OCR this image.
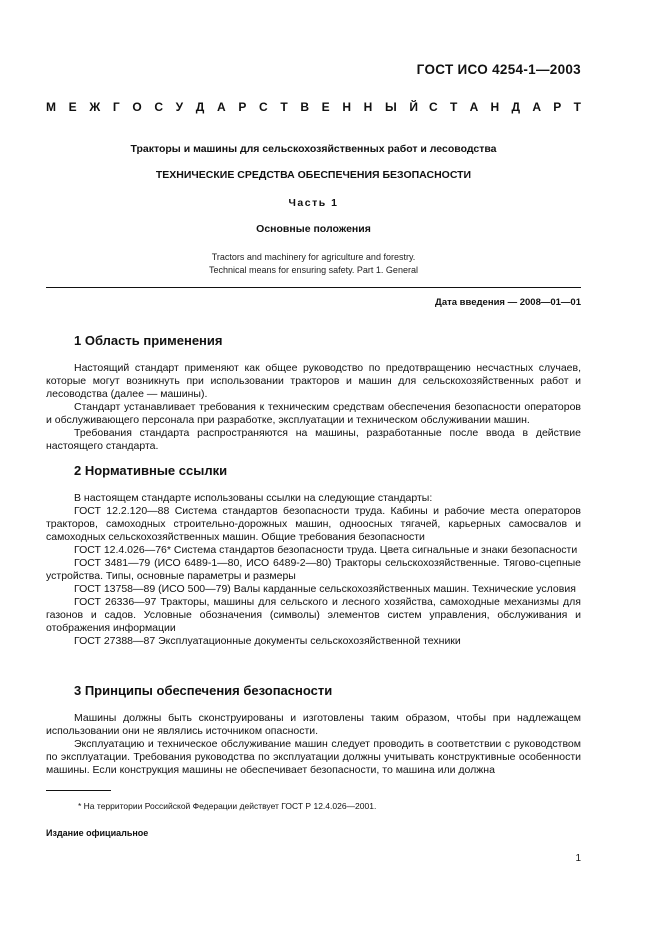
ГОСТ ИСО 4254-1—2003
М Е Ж Г О С У Д А Р С Т В Е Н Н Ы Й С Т А Н Д А Р Т
Тракторы и машины для сельскохозяйственных работ и лесоводства
ТЕХНИЧЕСКИЕ СРЕДСТВА ОБЕСПЕЧЕНИЯ БЕЗОПАСНОСТИ
Часть 1
Основные положения
Tractors and machinery for agriculture and forestry.
Technical means for ensuring safety. Part 1. General
Дата введения — 2008—01—01
1 Область применения

Настоящий стандарт применяют как общее руководство по предотвращению несчастных случаев, которые могут возникнуть при использовании тракторов и машин для сельскохозяйственных работ и лесоводства (далее — машины).

Стандарт устанавливает требования к техническим средствам обеспечения безопасности операторов и обслуживающего персонала при разработке, эксплуатации и техническом обслуживании машин.

Требования стандарта распространяются на машины, разработанные после ввода в действие настоящего стандарта.

2 Нормативные ссылки

В настоящем стандарте использованы ссылки на следующие стандарты:

ГОСТ 12.2.120—88 Система стандартов безопасности труда. Кабины и рабочие места операторов тракторов, самоходных строительно-дорожных машин, одноосных тягачей, карьерных самосвалов и самоходных сельскохозяйственных машин. Общие требования безопасности

ГОСТ 12.4.026—76* Система стандартов безопасности труда. Цвета сигнальные и знаки безопасности

ГОСТ 3481—79 (ИСО 6489-1—80, ИСО 6489-2—80) Тракторы сельскохозяйственные. Тягово-сцепные устройства. Типы, основные параметры и размеры

ГОСТ 13758—89 (ИСО 500—79) Валы карданные сельскохозяйственных машин. Технические условия

ГОСТ 26336—97 Тракторы, машины для сельского и лесного хозяйства, самоходные механизмы для газонов и садов. Условные обозначения (символы) элементов систем управления, обслуживания и отображения информации

ГОСТ 27388—87 Эксплуатационные документы сельскохозяйственной техники

3 Принципы обеспечения безопасности

Машины должны быть сконструированы и изготовлены таким образом, чтобы при надлежащем использовании они не являлись источником опасности.

Эксплуатацию и техническое обслуживание машин следует проводить в соответствии с руководством по эксплуатации. Требования руководства по эксплуатации должны учитывать конструктивные особенности машины. Если конструкция машины не обеспечивает безопасности, то машина или должна

* На территории Российской Федерации действует ГОСТ Р 12.4.026—2001.
Издание официальное
1
